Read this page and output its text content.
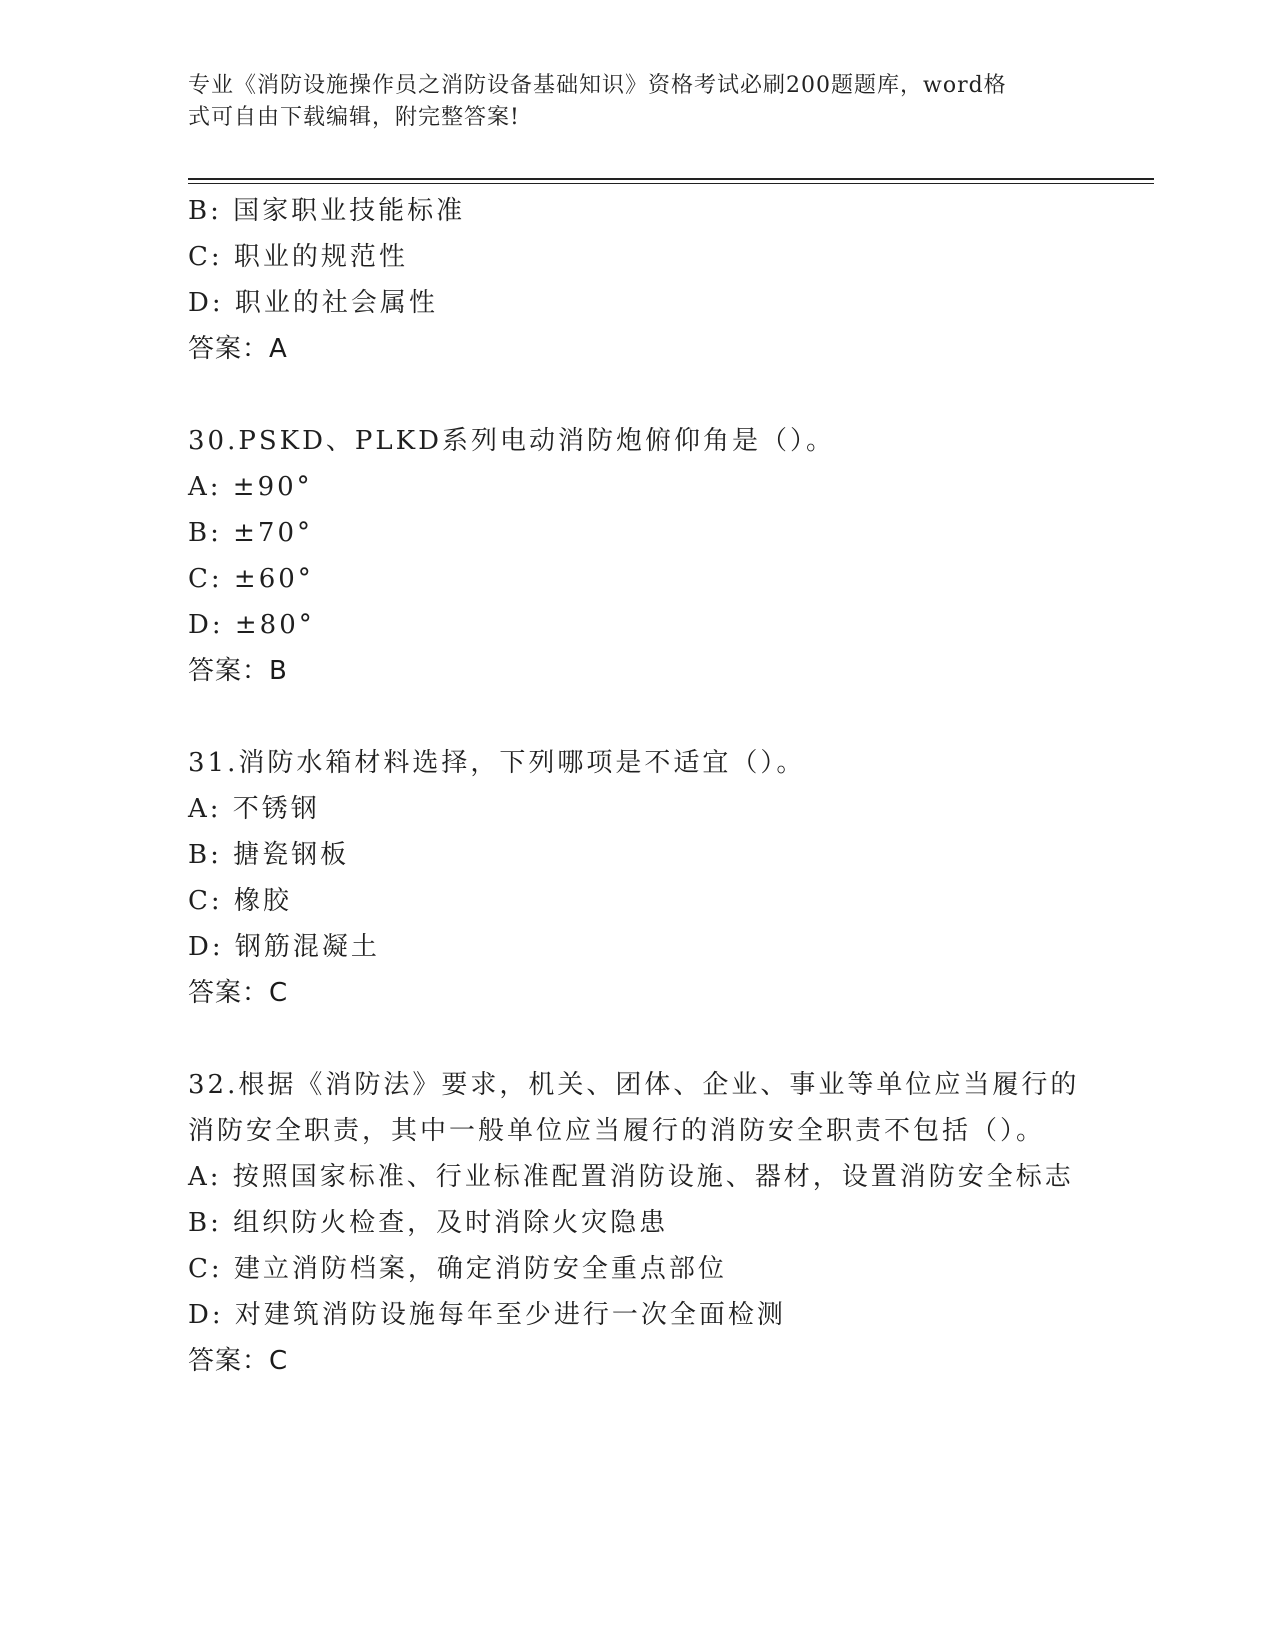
专业《消防设施操作员之消防设备基础知识》资格考试必刷200题题库，word格
式可自由下载编辑，附完整答案!
B: 国家职业技能标准
C: 职业的规范性
D: 职业的社会属性
答案：A
30.PSKD、PLKD系列电动消防炮俯仰角是（）。
A: ±90°
B: ±70°
C: ±60°
D: ±80°
答案：B
31.消防水箱材料选择，下列哪项是不适宜（）。
A: 不锈钢
B: 搪瓷钢板
C: 橡胶
D: 钢筋混凝土
答案：C
32.根据《消防法》要求，机关、团体、企业、事业等单位应当履行的
消防安全职责，其中一般单位应当履行的消防安全职责不包括（）。
A: 按照国家标准、行业标准配置消防设施、器材，设置消防安全标志
B: 组织防火检查，及时消除火灾隐患
C: 建立消防档案，确定消防安全重点部位
D: 对建筑消防设施每年至少进行一次全面检测
答案：C
